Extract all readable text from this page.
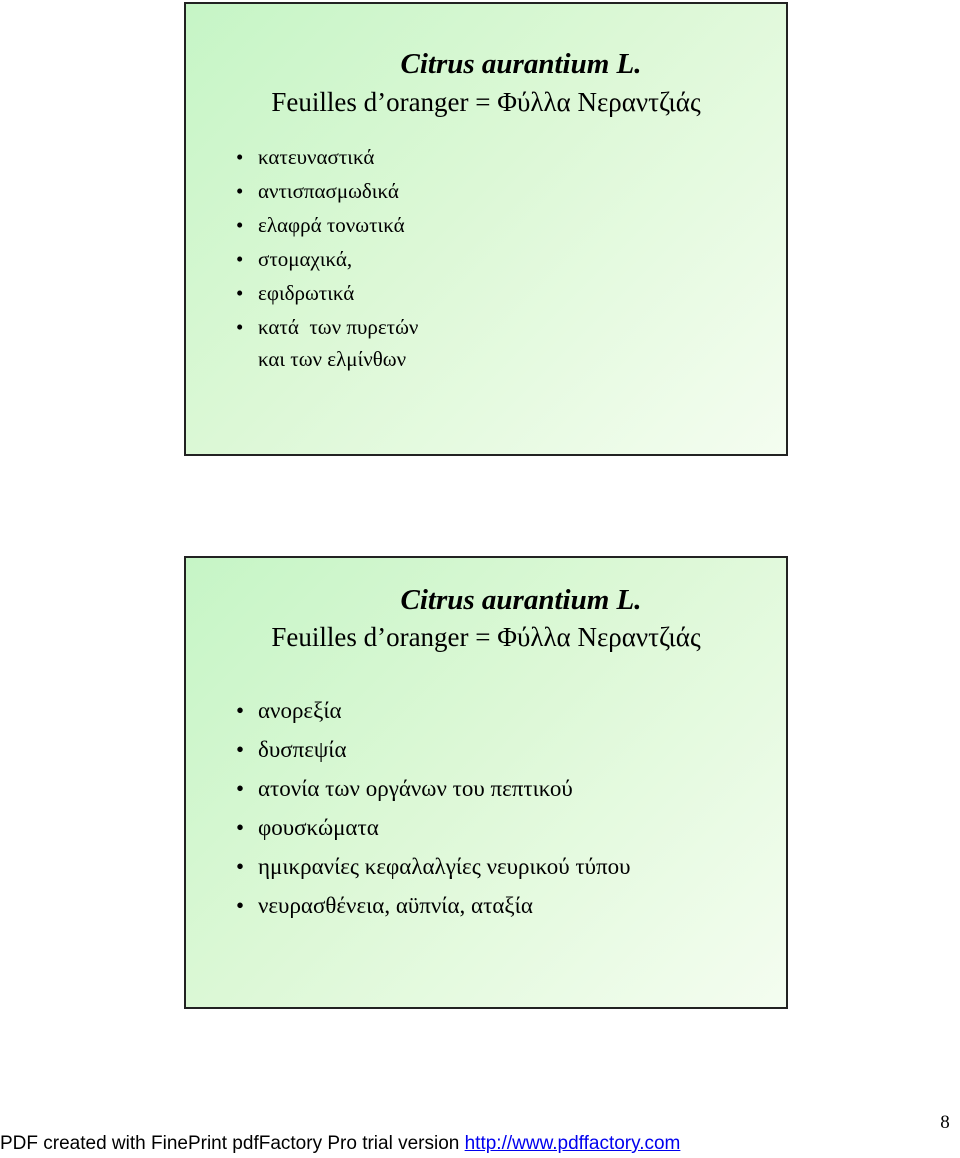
Citrus aurantium L.
Feuilles d’oranger = Φύλλα Νεραντζιάς
• κατευναστικά
• αντισπασμωδικά
• ελαφρά τονωτικά
• στομαχικά,
• εφιδρωτικά
• κατά  των πυρετών
και των ελμίνθων
Citrus aurantium L.
Feuilles d’oranger = Φύλλα Νεραντζιάς
• ανορεξία
• δυσπεψία
• ατονία των οργάνων του πεπτικού
• φουσκώματα
• ημικρανίες κεφαλαλγίες νευρικού τύπου
• νευρασθένεια, αϋπνία, αταξία
PDF created with FinePrint pdfFactory Pro trial version http://www.pdffactory.com
8
